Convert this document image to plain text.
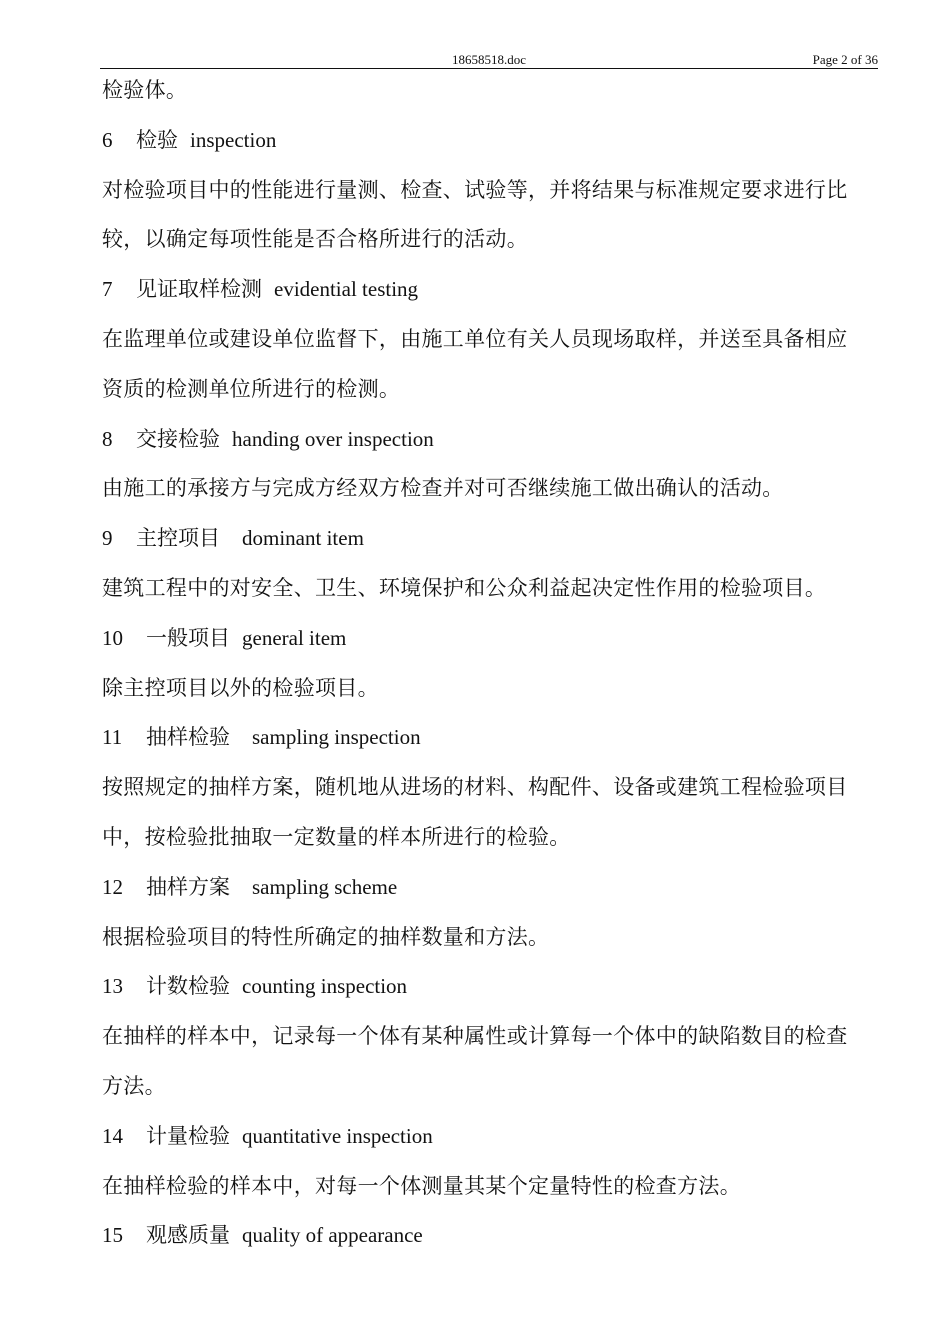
18658518.doc	Page 2 of 36
检验体。
6 检验 inspection
对检验项目中的性能进行量测、检查、试验等，并将结果与标准规定要求进行比
较，以确定每项性能是否合格所进行的活动。
7 见证取样检测 evidential testing
在监理单位或建设单位监督下，由施工单位有关人员现场取样，并送至具备相应
资质的检测单位所进行的检测。
8 交接检验 handing over inspection
由施工的承接方与完成方经双方检查并对可否继续施工做出确认的活动。
9 主控项目 dominant item
建筑工程中的对安全、卫生、环境保护和公众利益起决定性作用的检验项目。
10 一般项目 general item
除主控项目以外的检验项目。
11 抽样检验 sampling inspection
按照规定的抽样方案，随机地从进场的材料、构配件、设备或建筑工程检验项目
中，按检验批抽取一定数量的样本所进行的检验。
12 抽样方案 sampling scheme
根据检验项目的特性所确定的抽样数量和方法。
13 计数检验 counting inspection
在抽样的样本中，记录每一个体有某种属性或计算每一个体中的缺陷数目的检查
方法。
14 计量检验 quantitative inspection
在抽样检验的样本中，对每一个体测量其某个定量特性的检查方法。
15 观感质量 quality of appearance
